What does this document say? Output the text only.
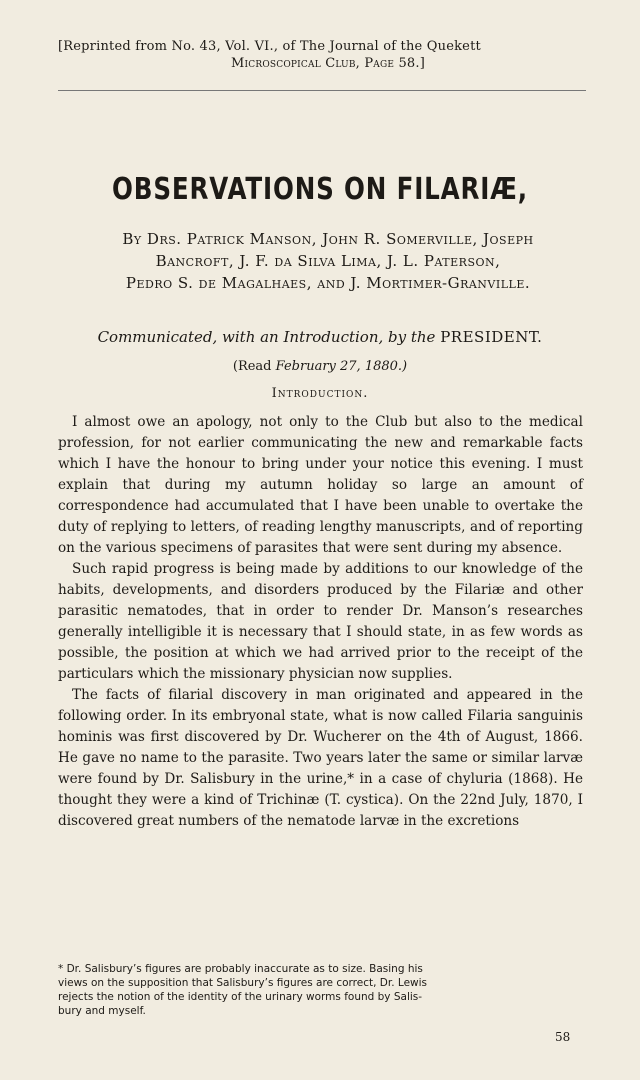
[Reprinted from No. 43, Vol. VI., of The Journal of the Quekett
Microscopical Club, Page 58.]
OBSERVATIONS ON FILARIÆ,
By Drs. Patrick Manson, John R. Somerville, Joseph
Bancroft, J. F. da Silva Lima, J. L. Paterson,
Pedro S. de Magalhaes, and J. Mortimer-Granville.
Communicated, with an Introduction, by the PRESIDENT.
(Read February 27, 1880.)
Introduction.

I almost owe an apology, not only to the Club but also to the medical profession, for not earlier communicating the new and remarkable facts which I have the honour to bring under your notice this evening. I must explain that during my autumn holiday so large an amount of correspondence had accumulated that I have been unable to overtake the duty of replying to letters, of reading lengthy manuscripts, and of reporting on the various specimens of parasites that were sent during my absence.

Such rapid progress is being made by additions to our knowledge of the habits, developments, and disorders produced by the Filariæ and other parasitic nematodes, that in order to render Dr. Manson’s researches generally intelligible it is necessary that I should state, in as few words as possible, the position at which we had arrived prior to the receipt of the particulars which the missionary physician now supplies.

The facts of filarial discovery in man originated and appeared in the following order. In its embryonal state, what is now called Filaria sanguinis hominis was first discovered by Dr. Wucherer on the 4th of August, 1866. He gave no name to the parasite. Two years later the same or similar larvæ were found by Dr. Salisbury in the urine,* in a case of chyluria (1868). He thought they were a kind of Trichinæ (T. cystica). On the 22nd July, 1870, I discovered great numbers of the nematode larvæ in the excretions

* Dr. Salisbury’s figures are probably inaccurate as to size. Basing his
views on the supposition that Salisbury’s figures are correct, Dr. Lewis
rejects the notion of the identity of the urinary worms found by Salis-
bury and myself.
58
